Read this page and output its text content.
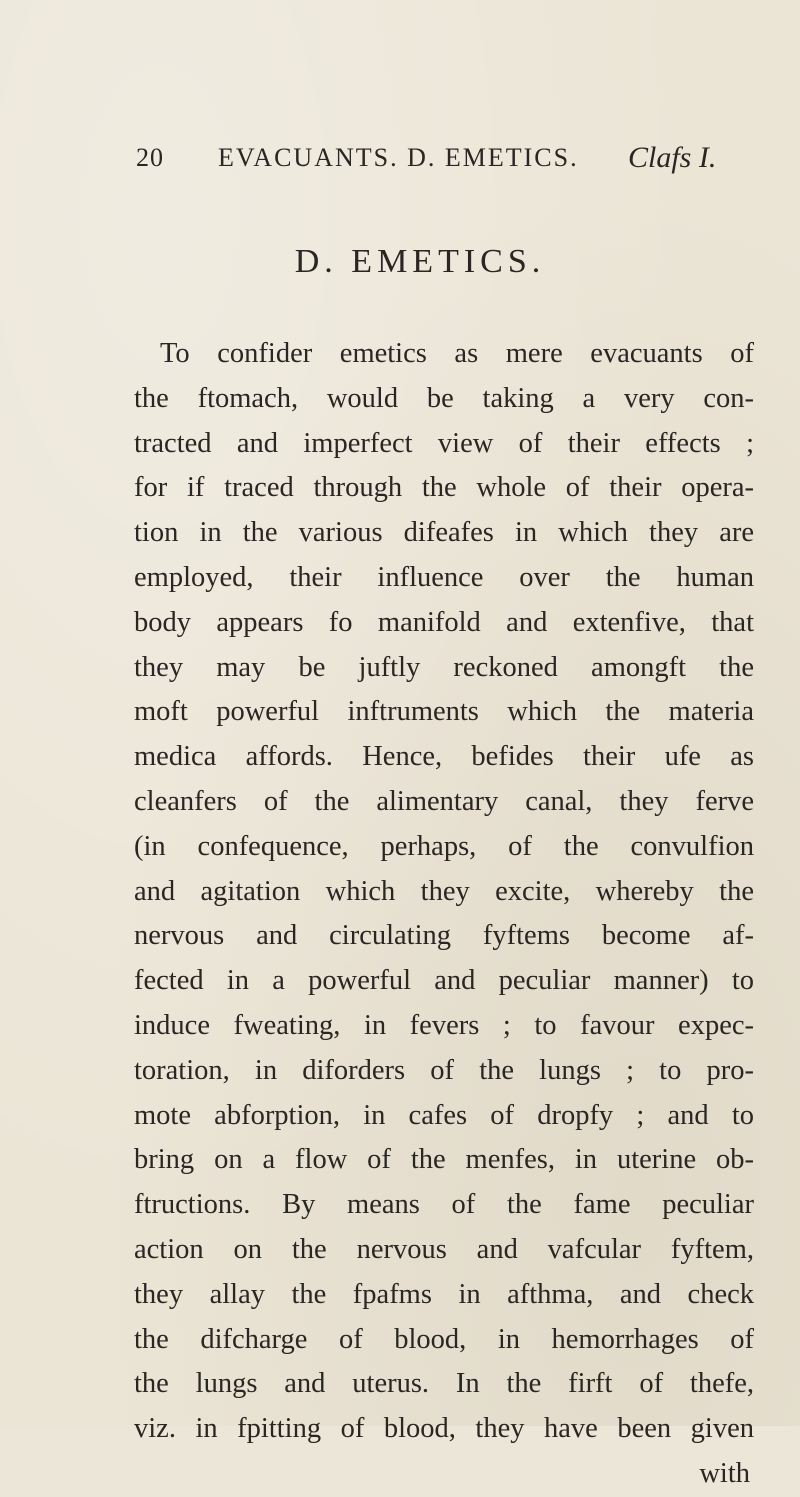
20 EVACUANTS. D. EMETICS. Clafs I.
D. EMETICS.
To confider emetics as mere evacuants of
the ftomach, would be taking a very con-
tracted and imperfect view of their effects ;
for if traced through the whole of their opera-
tion in the various difeafes in which they are
employed, their influence over the human
body appears fo manifold and extenfive, that
they may be juftly reckoned amongft the
moft powerful inftruments which the materia
medica affords. Hence, befides their ufe as
cleanfers of the alimentary canal, they ferve
(in confequence, perhaps, of the convulfion
and agitation which they excite, whereby the
nervous and circulating fyftems become af-
fected in a powerful and peculiar manner) to
induce fweating, in fevers ; to favour expec-
toration, in diforders of the lungs ; to pro-
mote abforption, in cafes of dropfy ; and to
bring on a flow of the menfes, in uterine ob-
ftructions. By means of the fame peculiar
action on the nervous and vafcular fyftem,
they allay the fpafms in afthma, and check
the difcharge of blood, in hemorrhages of
the lungs and uterus. In the firft of thefe,
viz. in fpitting of blood, they have been given
with
